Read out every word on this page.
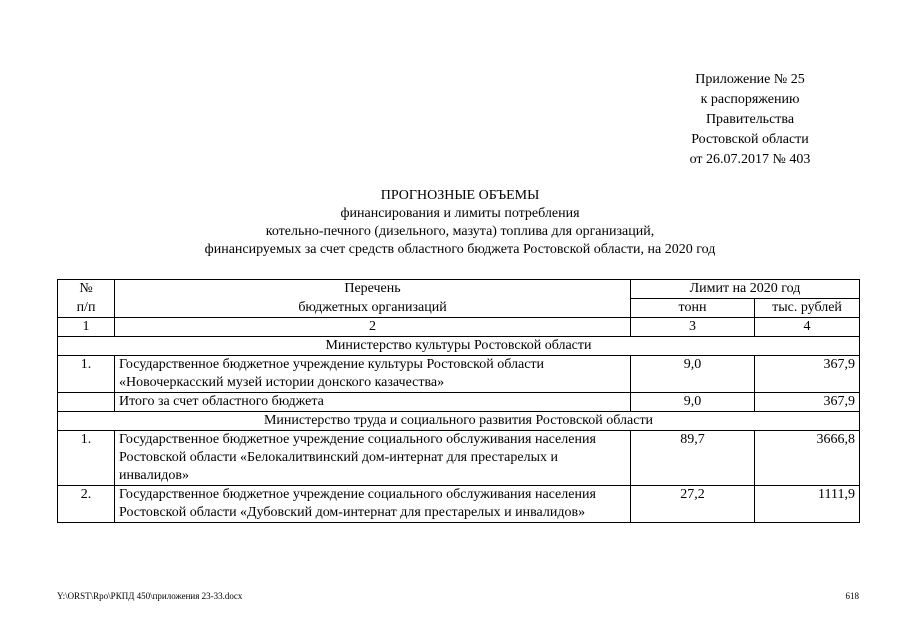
Приложение № 25
к распоряжению
Правительства
Ростовской области
от 26.07.2017 № 403
ПРОГНОЗНЫЕ ОБЪЕМЫ
финансирования и лимиты потребления
котельно-печного (дизельного, мазута) топлива для организаций,
финансируемых за счет средств областного бюджета Ростовской области, на 2020 год
№	Перечень	Лимит на 2020 год	
п/п	бюджетных организаций	тонн	тыс. рублей
1	2	3	4
Министерство культуры Ростовской области			
1.	Государственное бюджетное учреждение культуры Ростовской области «Новочеркасский музей истории донского казачества»	9,0	367,9
	Итого за счет областного бюджета	9,0	367,9
Министерство труда и социального развития Ростовской области			
1.	Государственное бюджетное учреждение социального обслуживания населения Ростовской области «Белокалитвинский дом-интернат для престарелых и инвалидов»	89,7	3666,8
2.	Государственное бюджетное учреждение социального обслуживания населения Ростовской области «Дубовский дом-интернат для престарелых и инвалидов»	27,2	1111,9
Y:\ORST\Rpo\РКПД 450\приложения 23-33.docx	618
